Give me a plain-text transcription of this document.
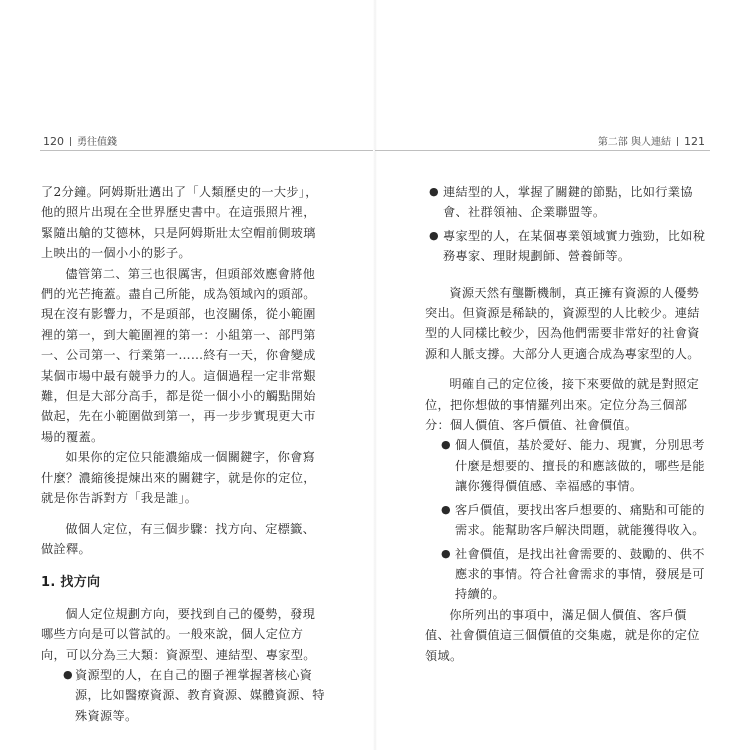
120 勇往值錢

了2分鐘。阿姆斯壯邁出了「人類歷史的一大步」，他的照片出現在全世界歷史書中。在這張照片裡，緊隨出艙的艾德林，只是阿姆斯壯太空帽前側玻璃上映出的一個小小的影子。

儘管第二、第三也很厲害，但頭部效應會將他們的光芒掩蓋。盡自己所能，成為領域內的頭部。現在沒有影響力，不是頭部，也沒關係，從小範圍裡的第一，到大範圍裡的第一：小組第一、部門第一、公司第一、行業第一……終有一天，你會變成某個市場中最有競爭力的人。這個過程一定非常艱難，但是大部分高手，都是從一個小小的觸點開始做起，先在小範圍做到第一，再一步步實現更大市場的覆蓋。

如果你的定位只能濃縮成一個關鍵字，你會寫什麼？濃縮後提煉出來的關鍵字，就是你的定位，就是你告訴對方「我是誰」。

做個人定位，有三個步驟：找方向、定標籤、做詮釋。

1. 找方向

個人定位規劃方向，要找到自己的優勢，發現哪些方向是可以嘗試的。一般來說，個人定位方向，可以分為三大類：資源型、連結型、專家型。

● 資源型的人，在自己的圈子裡掌握著核心資源，比如醫療資源、教育資源、媒體資源、特殊資源等。
第二部 與人連結 121
● 連結型的人，掌握了關鍵的節點，比如行業協會、社群領袖、企業聯盟等。
● 專家型的人，在某個專業領域實力強勁，比如稅務專家、理財規劃師、營養師等。

資源天然有壟斷機制，真正擁有資源的人優勢突出。但資源是稀缺的，資源型的人比較少。連結型的人同樣比較少，因為他們需要非常好的社會資源和人脈支撐。大部分人更適合成為專家型的人。

明確自己的定位後，接下來要做的就是對照定位，把你想做的事情羅列出來。定位分為三個部分：個人價值、客戶價值、社會價值。

● 個人價值，基於愛好、能力、現實，分別思考什麼是想要的、擅長的和應該做的，哪些是能讓你獲得價值感、幸福感的事情。
● 客戶價值，要找出客戶想要的、痛點和可能的需求。能幫助客戶解決問題，就能獲得收入。
● 社會價值，是找出社會需要的、鼓勵的、供不應求的事情。符合社會需求的事情，發展是可持續的。

你所列出的事項中，滿足個人價值、客戶價值、社會價值這三個價值的交集處，就是你的定位領域。
